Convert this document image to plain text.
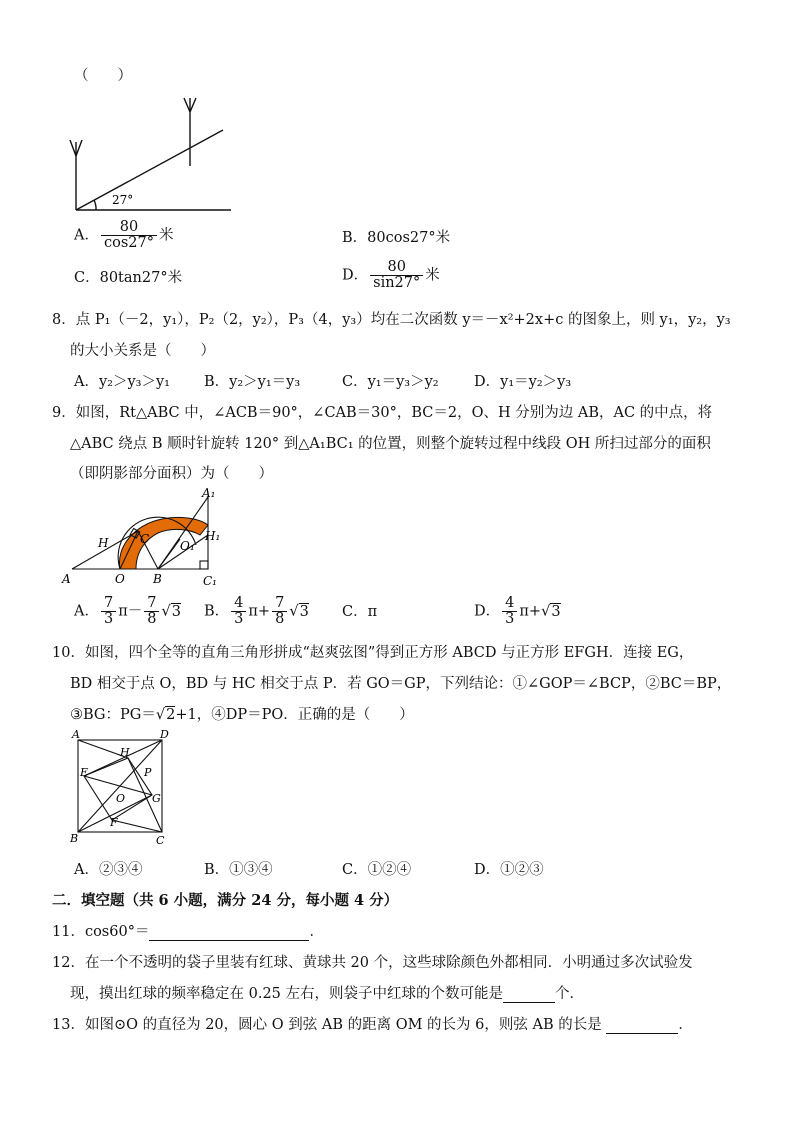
（　　）
27°
A． $\frac{80}{\cos 27^\circ}$ 米	B．80cos27°米
C．80tan27°米	D． $\frac{80}{\sin 27^\circ}$ 米
8．点 P₁（－2，y₁），P₂（2，y₂），P₃（4，y₃）均在二次函数 y＝－x²+2x+c 的图象上，则 y₁，y₂，y₃
的大小关系是（　　）
A．y₂＞y₃＞y₁ B．y₂＞y₁＝y₃	C．y₁＝y₃＞y₂ D．y₁＝y₂＞y₃
9．如图，Rt△ABC 中，∠ACB＝90°，∠CAB＝30°，BC＝2，O、H 分别为边 AB，AC 的中点，将
△ABC 绕点 B 顺时针旋转 120° 到△A₁BC₁ 的位置，则整个旋转过程中线段 OH 所扫过部分的面积
（即阴影部分面积）为（　　）
A	O B
C
H
A₁
H₁
O₁
C₁
A． $\frac{7}{3} \pi- \frac{7}{8} √3$ B． $\frac{4}{3} \pi+ \frac{7}{8} √3$ C．π	D． $\frac{4}{3} \pi+√3$
10．如图，四个全等的直角三角形拼成“赵爽弦图”得到正方形 ABCD 与正方形 EFGH．连接 EG，
BD 相交于点 O，BD 与 HC 相交于点 P．若 GO＝GP，下列结论：①∠GOP＝∠BCP，②BC＝BP，
③BG：PG＝√2+1，④DP＝PO．正确的是（　　）
A	D
H
E	P
O G
F
B	C
A．②③④	B．①③④	C．①②④	D．①②③
二．填空题（共 6 小题，满分 24 分，每小题 4 分）
11．cos60°＝	．
12．在一个不透明的袋子里装有红球、黄球共 20 个，这些球除颜色外都相同．小明通过多次试验发
现，摸出红球的频率稳定在 0.25 左右，则袋子中红球的个数可能是	个．
13．如图⊙O 的直径为 20，圆心 O 到弦 AB 的距离 OM 的长为 6，则弦 AB 的长是	．
